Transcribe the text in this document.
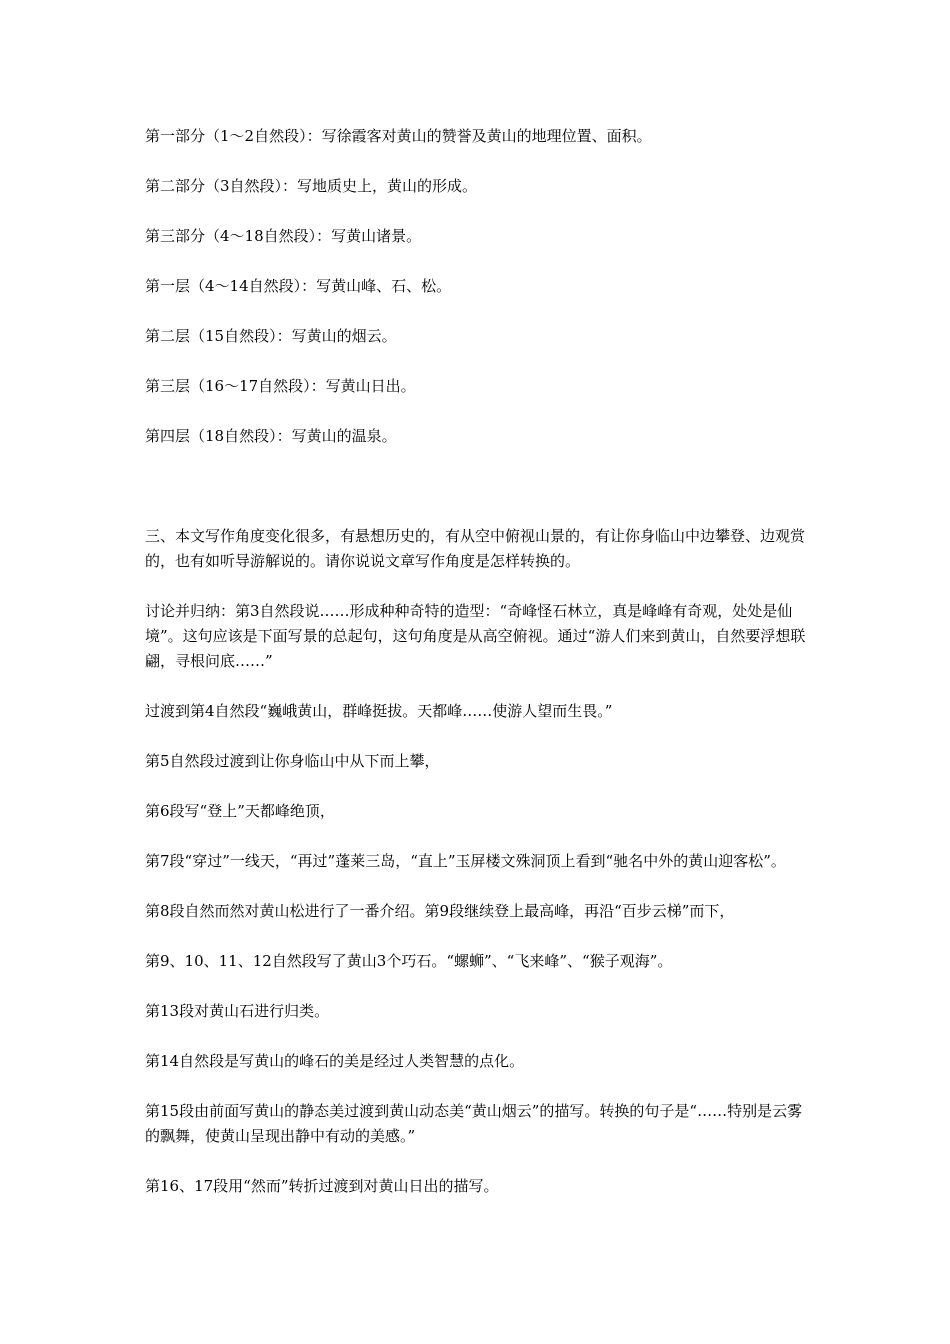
第一部分（1～2自然段）：写徐霞客对黄山的赞誉及黄山的地理位置、面积。

第二部分（3自然段）：写地质史上，黄山的形成。

第三部分（4～18自然段）：写黄山诸景。

第一层（4～14自然段）：写黄山峰、石、松。

第二层（15自然段）：写黄山的烟云。

第三层（16～17自然段）：写黄山日出。

第四层（18自然段）：写黄山的温泉。

三、本文写作角度变化很多，有悬想历史的，有从空中俯视山景的，有让你身临山中边攀登、边观赏的，也有如听导游解说的。请你说说文章写作角度是怎样转换的。

讨论并归纳：第3自然段说……形成种种奇特的造型：“奇峰怪石林立，真是峰峰有奇观，处处是仙境”。这句应该是下面写景的总起句，这句角度是从高空俯视。通过“游人们来到黄山，自然要浮想联翩，寻根问底……”

过渡到第4自然段“巍峨黄山，群峰挺拔。天都峰……使游人望而生畏。”

第5自然段过渡到让你身临山中从下而上攀，

第6段写“登上”天都峰绝顶，

第7段“穿过”一线天，“再过”蓬莱三岛，“直上”玉屏楼文殊洞顶上看到“驰名中外的黄山迎客松”。

第8段自然而然对黄山松进行了一番介绍。第9段继续登上最高峰，再沿“百步云梯”而下，

第9、10、11、12自然段写了黄山3个巧石。“螺蛳”、“飞来峰”、“猴子观海”。

第13段对黄山石进行归类。

第14自然段是写黄山的峰石的美是经过人类智慧的点化。

第15段由前面写黄山的静态美过渡到黄山动态美“黄山烟云”的描写。转换的句子是“……特别是云雾的飘舞，使黄山呈现出静中有动的美感。”

第16、17段用“然而”转折过渡到对黄山日出的描写。
